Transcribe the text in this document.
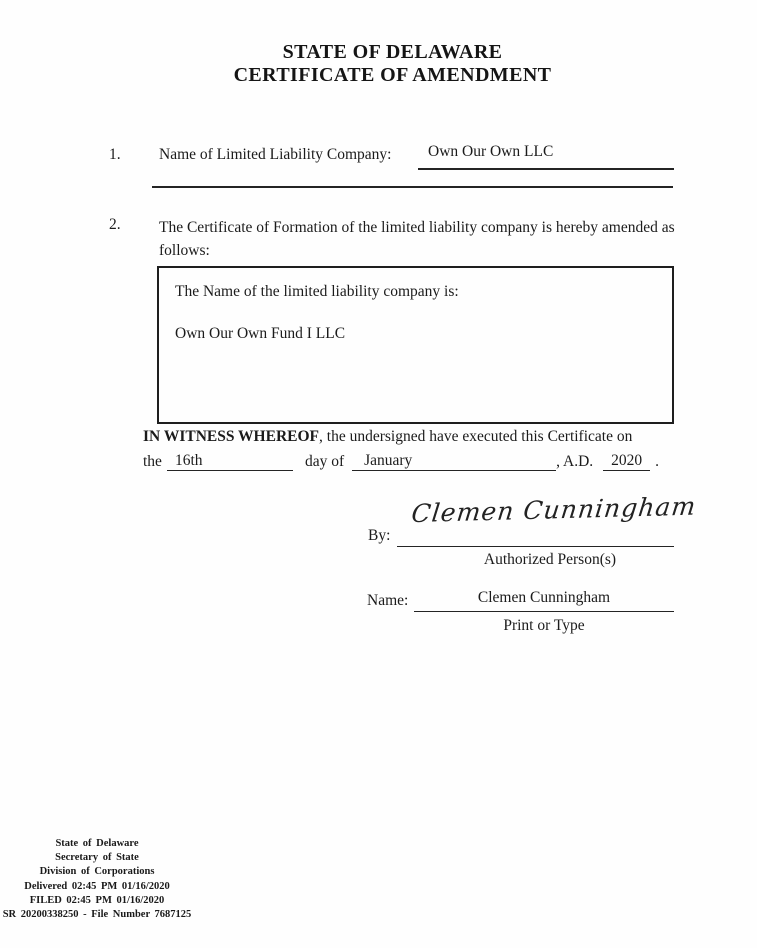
STATE OF DELAWARE
CERTIFICATE OF AMENDMENT
1. Name of Limited Liability Company: Own Our Own LLC
2. The Certificate of Formation of the limited liability company is hereby amended as follows:
The Name of the limited liability company is:
Own Our Own Fund I LLC
IN WITNESS WHEREOF, the undersigned have executed this Certificate on
the 16th	day of January	, A.D. 2020 .
Clemen Cunningham
By:
Authorized Person(s)
Name:	Clemen Cunningham
Print or Type
State of Delaware
Secretary of State
Division of Corporations
Delivered 02:45 PM 01/16/2020
FILED 02:45 PM 01/16/2020
SR 20200338250 - File Number 7687125
